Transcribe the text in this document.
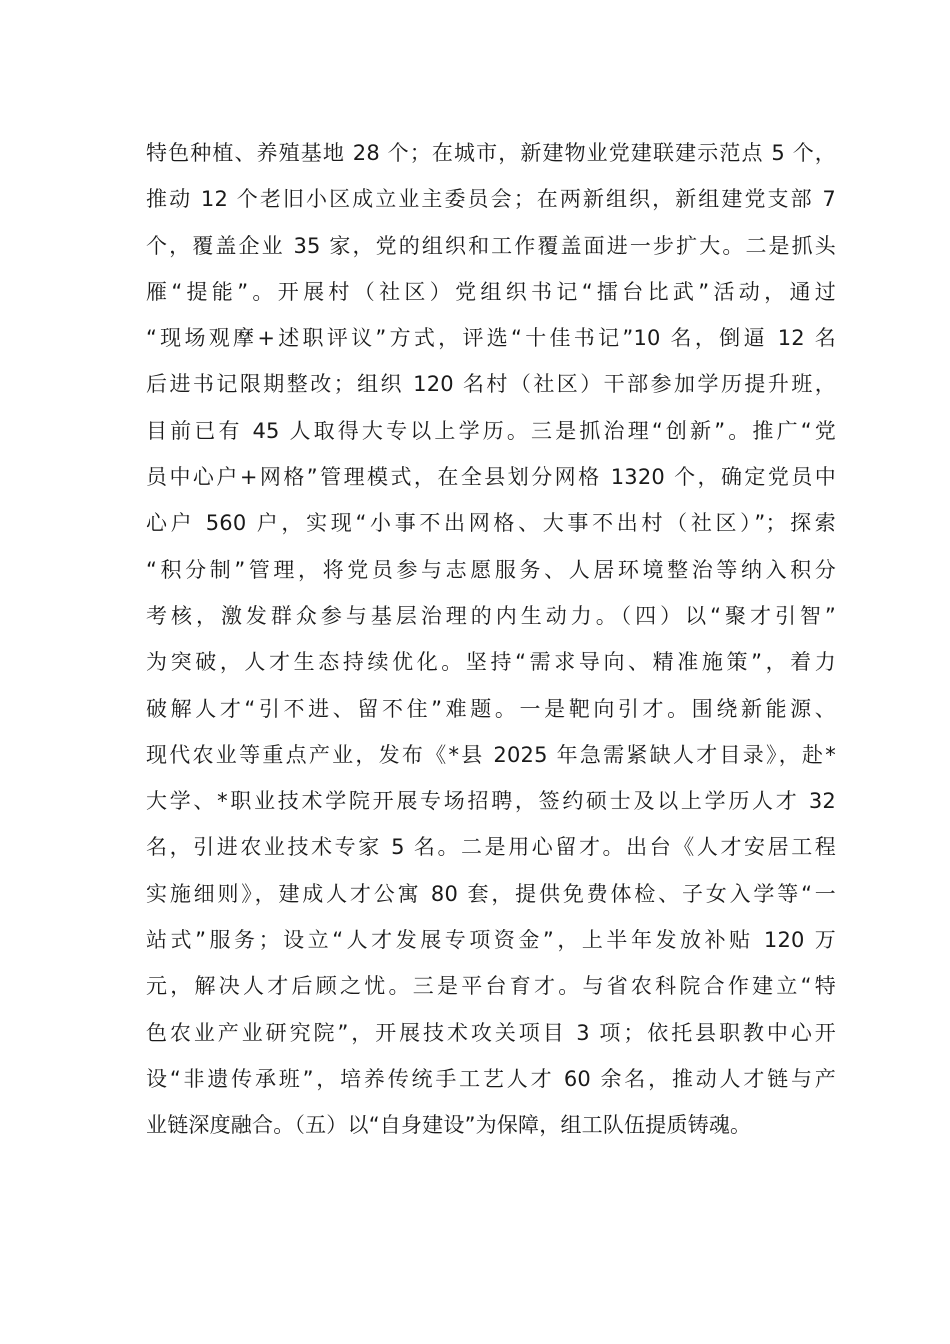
特色种植、养殖基地 28 个；在城市，新建物业党建联建示范点 5 个，
推动 12 个老旧小区成立业主委员会；在两新组织，新组建党支部 7
个，覆盖企业 35 家，党的组织和工作覆盖面进一步扩大。二是抓头
雁“提能”。开展村（社区）党组织书记“擂台比武”活动，通过
“现场观摩+述职评议”方式，评选“十佳书记”10 名，倒逼 12 名
后进书记限期整改；组织 120 名村（社区）干部参加学历提升班，
目前已有 45 人取得大专以上学历。三是抓治理“创新”。推广“党
员中心户+网格”管理模式，在全县划分网格 1320 个，确定党员中
心户 560 户，实现“小事不出网格、大事不出村（社区）”；探索
“积分制”管理，将党员参与志愿服务、人居环境整治等纳入积分
考核，激发群众参与基层治理的内生动力。（四）以“聚才引智”
为突破，人才生态持续优化。坚持“需求导向、精准施策”，着力
破解人才“引不进、留不住”难题。一是靶向引才。围绕新能源、
现代农业等重点产业，发布《*县 2025 年急需紧缺人才目录》，赴*
大学、*职业技术学院开展专场招聘，签约硕士及以上学历人才 32
名，引进农业技术专家 5 名。二是用心留才。出台《人才安居工程
实施细则》，建成人才公寓 80 套，提供免费体检、子女入学等“一
站式”服务；设立“人才发展专项资金”，上半年发放补贴 120 万
元，解决人才后顾之忧。三是平台育才。与省农科院合作建立“特
色农业产业研究院”，开展技术攻关项目 3 项；依托县职教中心开
设“非遗传承班”，培养传统手工艺人才 60 余名，推动人才链与产
业链深度融合。（五）以“自身建设”为保障，组工队伍提质铸魂。
